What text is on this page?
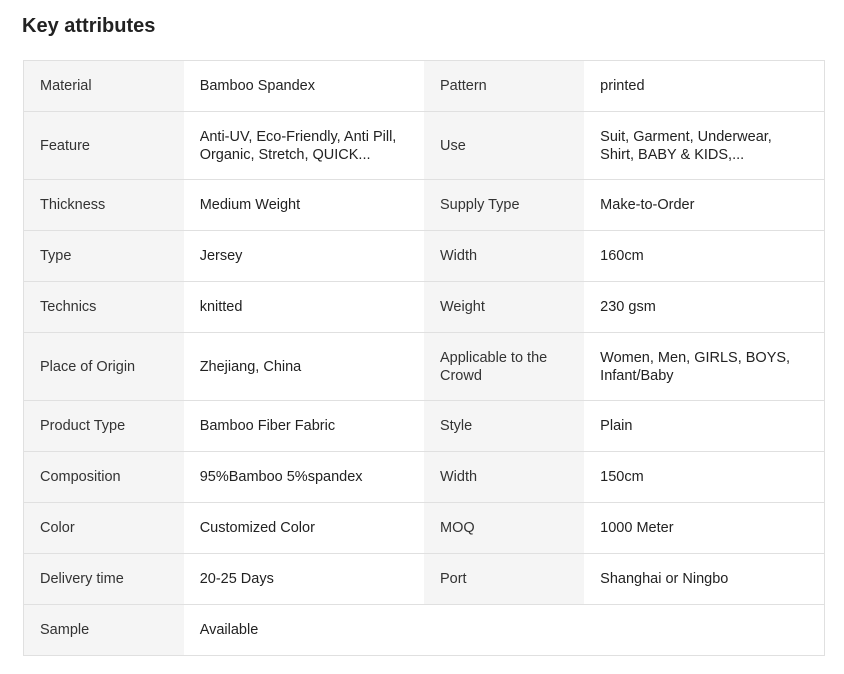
Key attributes
Material	Bamboo Spandex	Pattern	printed
Feature	Anti-UV, Eco-Friendly, Anti Pill, Organic, Stretch, QUICK...	Use	Suit, Garment, Underwear, Shirt, BABY & KIDS,...

Thickness	Medium Weight	Supply Type	Make-to-Order
Type	Jersey	Width	160cm
Technics	knitted	Weight	230 gsm
Place of Origin	Zhejiang, China	Applicable to the Crowd	Women, Men, GIRLS, BOYS, Infant/Baby

Product Type	Bamboo Fiber Fabric	Style	Plain
Composition	95%Bamboo 5%spandex	Width	150cm
Color	Customized Color	MOQ	1000 Meter
Delivery time	20-25 Days	Port	Shanghai or Ningbo
Sample	Available		
